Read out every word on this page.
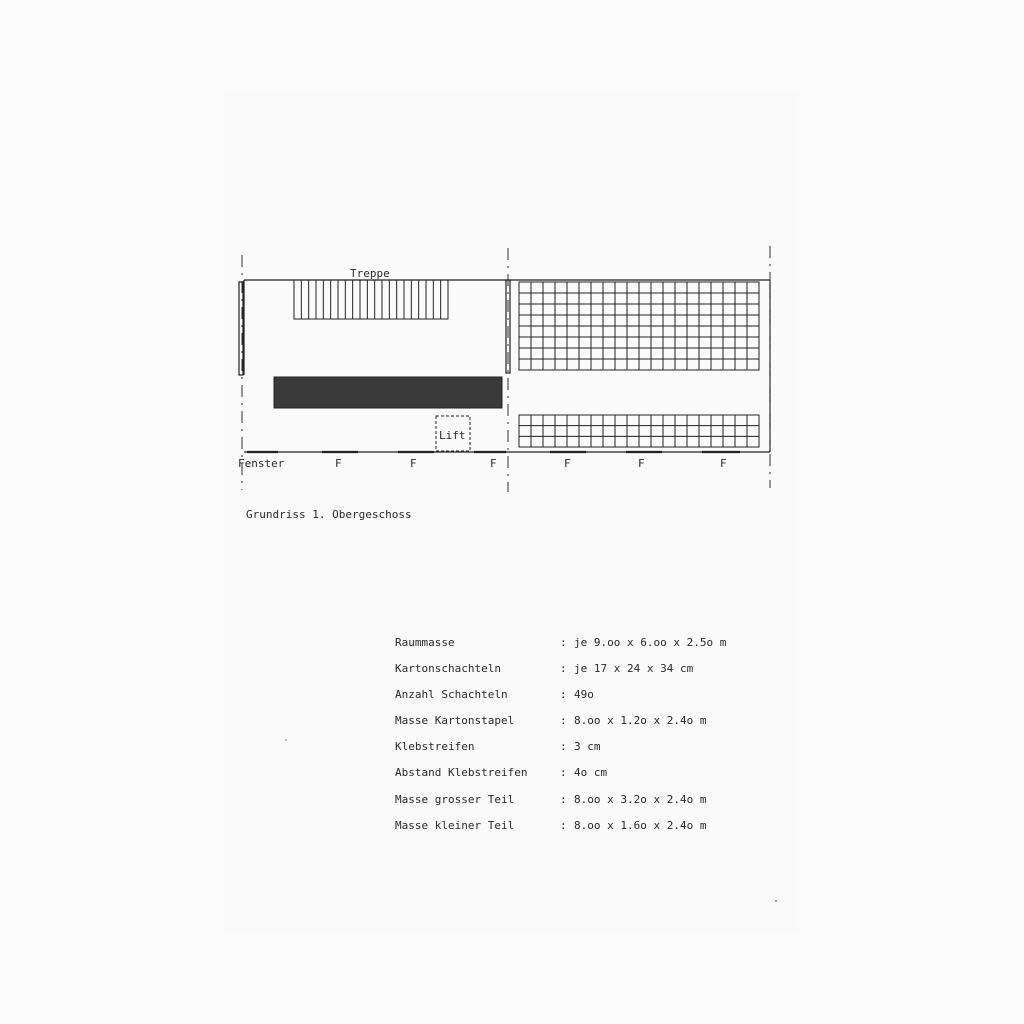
Treppe
Lift
Fenster	F	F	F	F	F	F
Grundriss 1. Obergeschoss
Raummasse	: je 9.oo x 6.oo x 2.5o m
Kartonschachteln	: je 17 x 24 x 34 cm
Anzahl Schachteln	: 49o
Masse Kartonstapel	: 8.oo x 1.2o x 2.4o m
Klebstreifen	: 3 cm
Abstand Klebstreifen	: 4o cm
Masse grosser Teil	: 8.oo x 3.2o x 2.4o m
Masse kleiner Teil	: 8.oo x 1.6o x 2.4o m
